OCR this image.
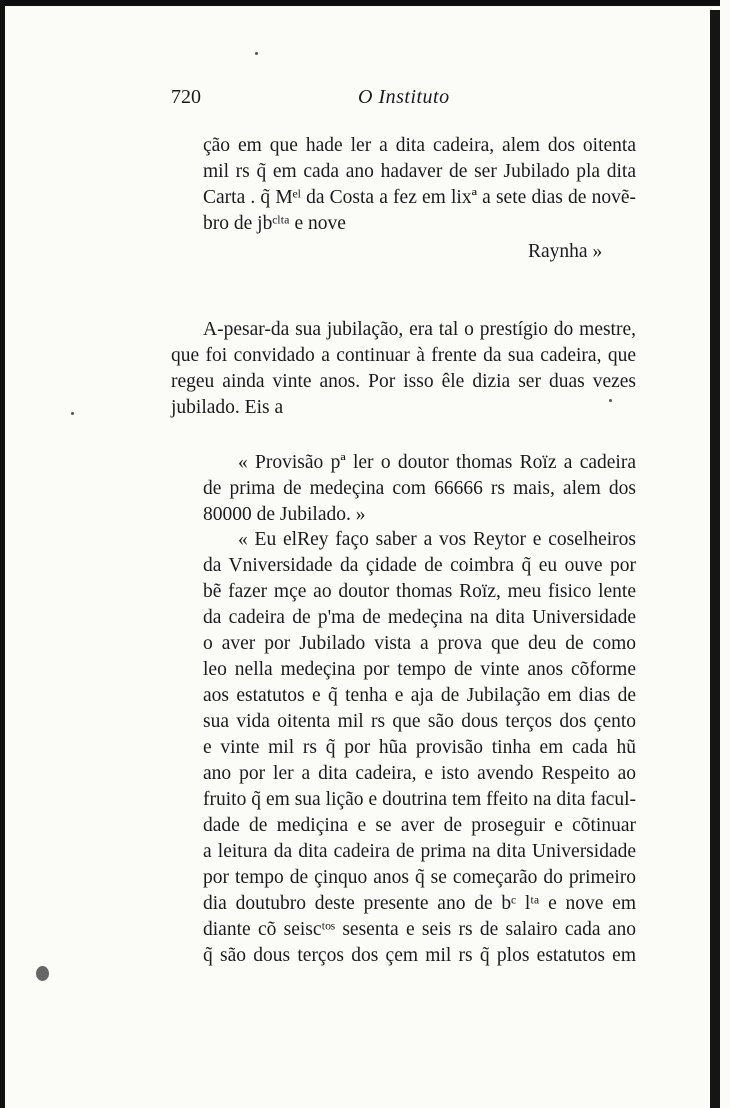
720	O Instituto
ção em que hade ler a dita cadeira, alem dos oitenta
mil rs q̃ em cada ano hadaver de ser Jubilado pla dita
Carta . q̃ Mᵉˡ da Costa a fez em lixª a sete dias de novẽ-
bro de jbᶜˡᵗᵃ e nove
Raynha »
A-pesar-da sua jubilação, era tal o prestígio do mestre,
que foi convidado a continuar à frente da sua cadeira, que
regeu ainda vinte anos. Por isso êle dizia ser duas vezes
jubilado. Eis a
« Provisão pª ler o doutor thomas Roïz a cadeira
de prima de medeçina com 66666 rs mais, alem dos
80000 de Jubilado. »
« Eu elRey faço saber a vos Reytor e coselheiros
da Vniversidade da çidade de coimbra q̃ eu ouve por
bẽ fazer mçe ao doutor thomas Roïz, meu fisico lente
da cadeira de p'ma de medeçina na dita Universidade
o aver por Jubilado vista a prova que deu de como
leo nella medeçina por tempo de vinte anos cõforme
aos estatutos e q̃ tenha e aja de Jubilação em dias de
sua vida oitenta mil rs que são dous terços dos çento
e vinte mil rs q̃ por hũa provisão tinha em cada hũ
ano por ler a dita cadeira, e isto avendo Respeito ao
fruito q̃ em sua lição e doutrina tem ffeito na dita facul-
dade de mediçina e se aver de proseguir e cõtinuar
a leitura da dita cadeira de prima na dita Universidade
por tempo de çinquo anos q̃ se começarão do primeiro
dia doutubro deste presente ano de bᶜ lᵗᵃ e nove em
diante cõ seiscᵗᵒˢ sesenta e seis rs de salairo cada ano
q̃ são dous terços dos çem mil rs q̃ plos estatutos em
